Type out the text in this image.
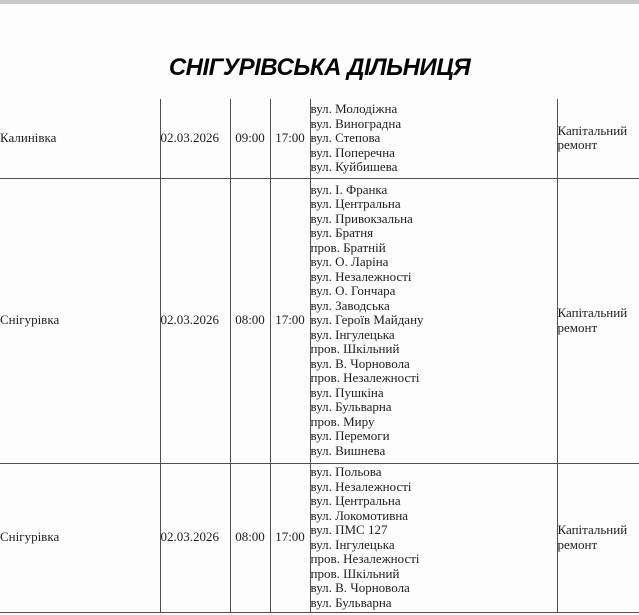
СНІГУРІВСЬКА ДІЛЬНИЦЯ
Калинівка	02.03.2026	09:00	17:00	вул. Молодіжна
вул. Виноградна
вул. Степова
вул. Поперечна
вул. Куйбишева	Капітальний ремонт
Снігурівка	02.03.2026	08:00	17:00	
вул. І. Франка
вул. Центральна
вул. Привокзальна
вул. Братня
пров. Братній
вул. О. Ларіна
вул. Незалежності
вул. О. Гончара
вул. Заводська
вул. Героїв Майдану
вул. Інгулецька
пров. Шкільний
вул. В. Чорновола
пров. Незалежності
вул. Пушкіна
вул. Бульварна
пров. Миру
вул. Перемоги
вул. Вишнева
	Капітальний ремонт
Снігурівка	02.03.2026	08:00	17:00	
вул. Польова
вул. Незалежності
вул. Центральна
вул. Локомотивна
вул. ПМС 127
вул. Інгулецька
пров. Незалежності
пров. Шкільний
вул. В. Чорновола
вул. Бульварна
	Капітальний ремонт
